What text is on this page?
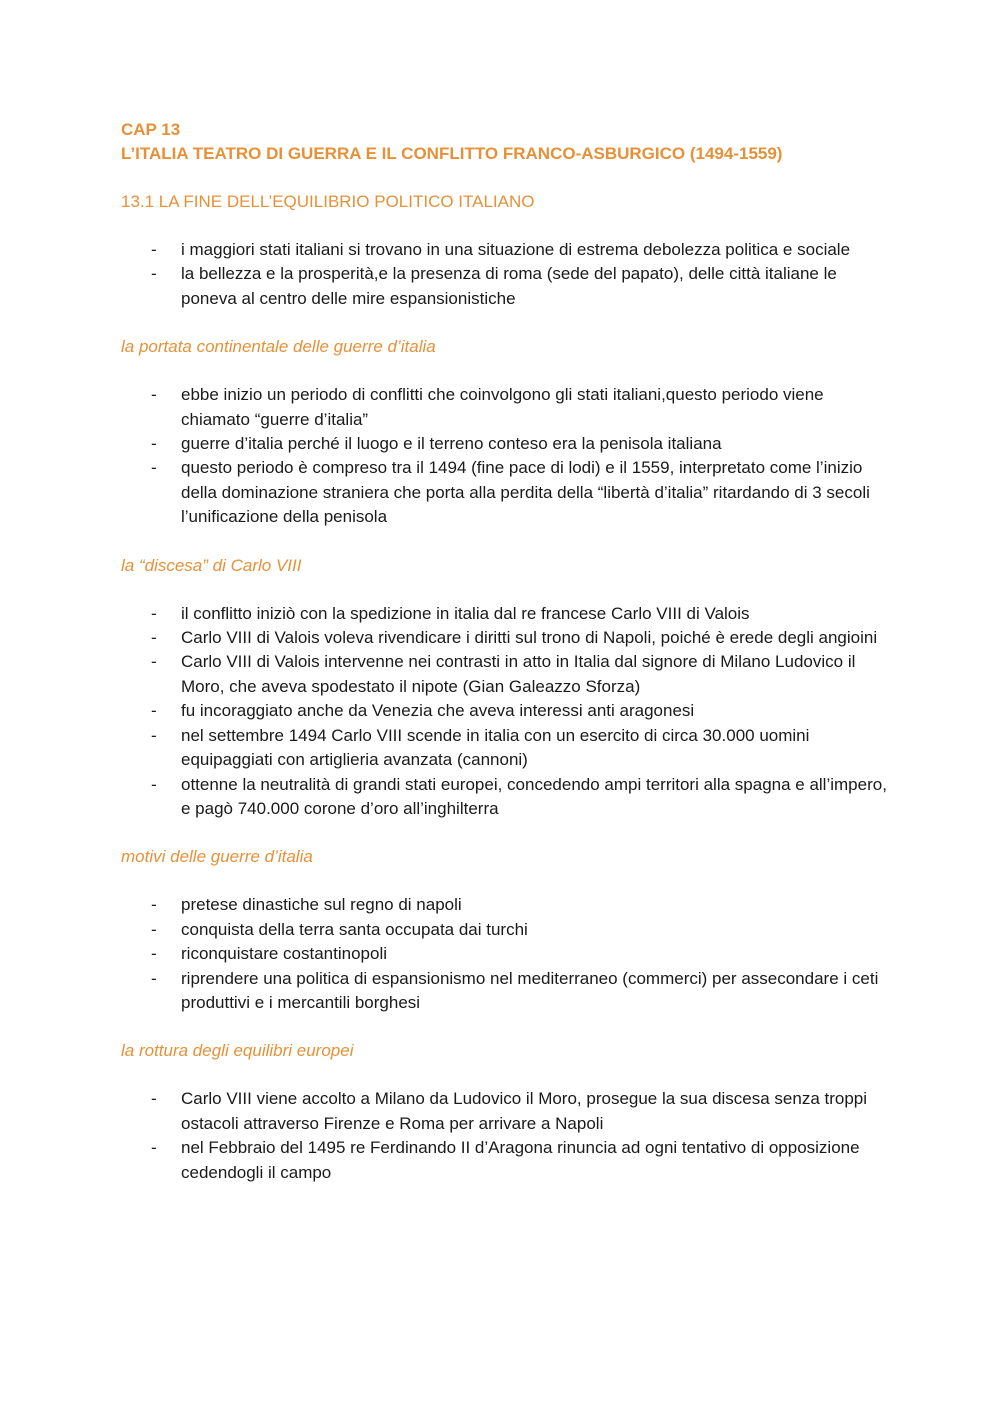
CAP 13
L’ITALIA TEATRO DI GUERRA E IL CONFLITTO FRANCO-ASBURGICO (1494-1559)
13.1 LA FINE DELL’EQUILIBRIO POLITICO ITALIANO
- i maggiori stati italiani si trovano in una situazione di estrema debolezza politica e sociale
- la bellezza e la prosperità,e la presenza di roma (sede del papato), delle città italiane le poneva al centro delle mire espansionistiche
la portata continentale delle guerre d’italia
- ebbe inizio un periodo di conflitti che coinvolgono gli stati italiani,questo periodo viene chiamato “guerre d’italia”
- guerre d’italia perché il luogo e il terreno conteso era la penisola italiana
- questo periodo è compreso tra il 1494 (fine pace di lodi) e il 1559, interpretato come l’inizio della dominazione straniera che porta alla perdita della “libertà d’italia” ritardando di 3 secoli l’unificazione della penisola
la “discesa” di Carlo VIII
- il conflitto iniziò con la spedizione in italia dal re francese Carlo VIII di Valois
- Carlo VIII di Valois voleva rivendicare i diritti sul trono di Napoli, poiché è erede degli angioini
- Carlo VIII di Valois intervenne nei contrasti in atto in Italia dal signore di Milano Ludovico il Moro, che aveva spodestato il nipote (Gian Galeazzo Sforza)
- fu incoraggiato anche da Venezia che aveva interessi anti aragonesi
- nel settembre 1494 Carlo VIII scende in italia con un esercito di circa 30.000 uomini equipaggiati con artiglieria avanzata (cannoni)
- ottenne la neutralità di grandi stati europei, concedendo ampi territori alla spagna e all’impero, e pagò 740.000 corone d’oro all’inghilterra
motivi delle guerre d’italia
- pretese dinastiche sul regno di napoli
- conquista della terra santa occupata dai turchi
- riconquistare costantinopoli
- riprendere una politica di espansionismo nel mediterraneo (commerci) per assecondare i ceti produttivi e i mercantili borghesi
la rottura degli equilibri europei
- Carlo VIII viene accolto a Milano da Ludovico il Moro, prosegue la sua discesa senza troppi ostacoli attraverso Firenze e Roma per arrivare a Napoli
- nel Febbraio del 1495 re Ferdinando II d’Aragona rinuncia ad ogni tentativo di opposizione cedendogli il campo
